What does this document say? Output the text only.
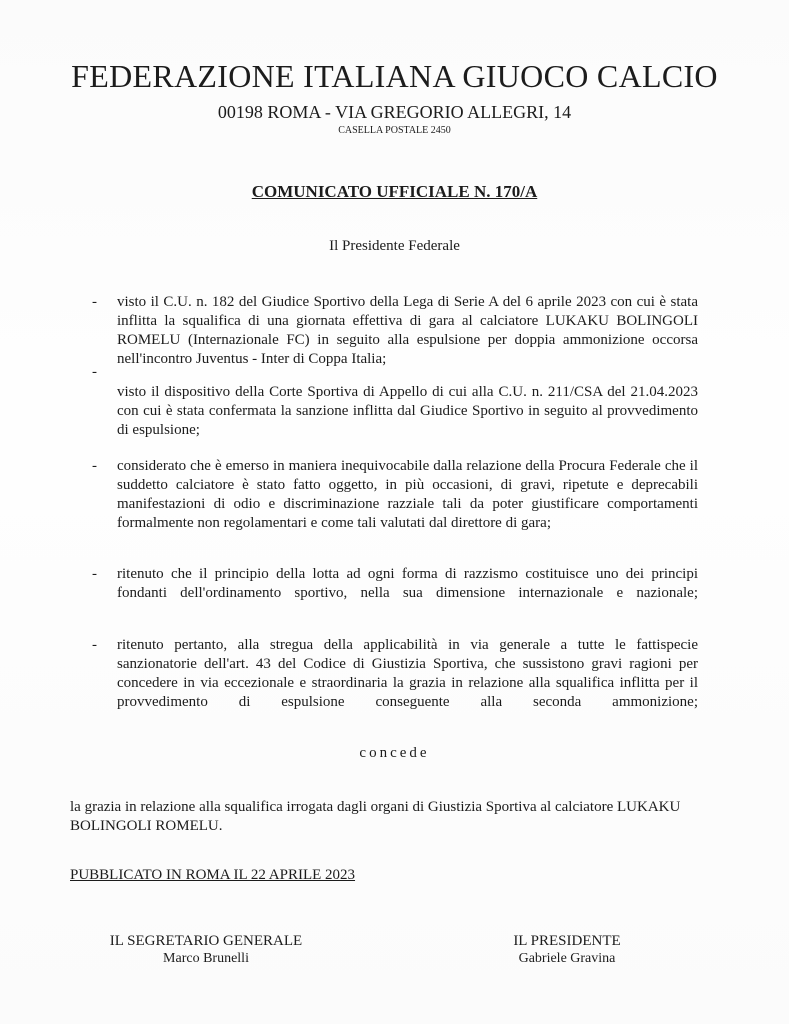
FEDERAZIONE ITALIANA GIUOCO CALCIO
00198 ROMA - VIA GREGORIO ALLEGRI, 14
CASELLA POSTALE 2450
COMUNICATO UFFICIALE N. 170/A
Il Presidente Federale
- visto il C.U. n. 182 del Giudice Sportivo della Lega di Serie A del 6 aprile 2023 con cui è stata inflitta la squalifica di una giornata effettiva di gara al calciatore LUKAKU BOLINGOLI ROMELU (Internazionale FC) in seguito alla espulsione per doppia ammonizione occorsa nell'incontro Juventus - Inter di Coppa Italia;
-
visto il dispositivo della Corte Sportiva di Appello di cui alla C.U. n. 211/CSA del 21.04.2023 con cui è stata confermata la sanzione inflitta dal Giudice Sportivo in seguito al provvedimento di espulsione;
- considerato che è emerso in maniera inequivocabile dalla relazione della Procura Federale che il suddetto calciatore è stato fatto oggetto, in più occasioni, di gravi, ripetute e deprecabili manifestazioni di odio e discriminazione razziale tali da poter giustificare comportamenti formalmente non regolamentari e come tali valutati dal direttore di gara;
- ritenuto che il principio della lotta ad ogni forma di razzismo costituisce uno dei principi fondanti dell'ordinamento sportivo, nella sua dimensione internazionale e nazionale;
- ritenuto pertanto, alla stregua della applicabilità in via generale a tutte le fattispecie sanzionatorie dell'art. 43 del Codice di Giustizia Sportiva, che sussistono gravi ragioni per concedere in via eccezionale e straordinaria la grazia in relazione alla squalifica inflitta per il provvedimento di espulsione conseguente alla seconda ammonizione;
concede
la grazia in relazione alla squalifica irrogata dagli organi di Giustizia Sportiva al calciatore LUKAKU BOLINGOLI ROMELU.
PUBBLICATO IN ROMA IL 22 APRILE 2023
IL SEGRETARIO GENERALE
Marco Brunelli
IL PRESIDENTE
Gabriele Gravina
